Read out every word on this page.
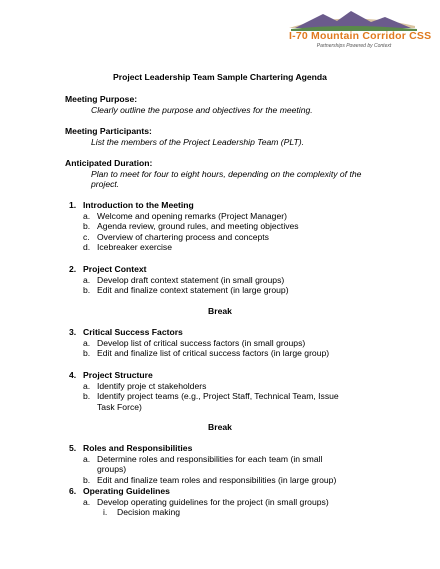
I-70 Mountain Corridor CSS
Partnerships Powered by Context
Project Leadership Team Sample Chartering Agenda
Meeting Purpose:
Clearly outline the purpose and objectives for the meeting.
Meeting Participants:
List the members of the Project Leadership Team (PLT).
Anticipated Duration:
Plan to meet for four to eight hours, depending on the complexity of the
project.
1. Introduction to the Meeting
a. Welcome and opening remarks (Project Manager)
b. Agenda review, ground rules, and meeting objectives
c. Overview of chartering process and concepts
d. Icebreaker exercise
2. Project Context
a. Develop draft context statement (in small groups)
b. Edit and finalize context statement (in large group)
Break
3. Critical Success Factors
a. Develop list of critical success factors (in small groups)
b. Edit and finalize list of critical success factors (in large group)
4. Project Structure
a. Identify proje ct stakeholders
b. Identify project teams (e.g., Project Staff, Technical Team, Issue Task Force)
Break
5. Roles and Responsibilities
a. Determine roles and responsibilities for each team (in small groups)
b. Edit and finalize team roles and responsibilities (in large group)
6. Operating Guidelines
a. Develop operating guidelines for the project (in small groups)
i. Decision making
